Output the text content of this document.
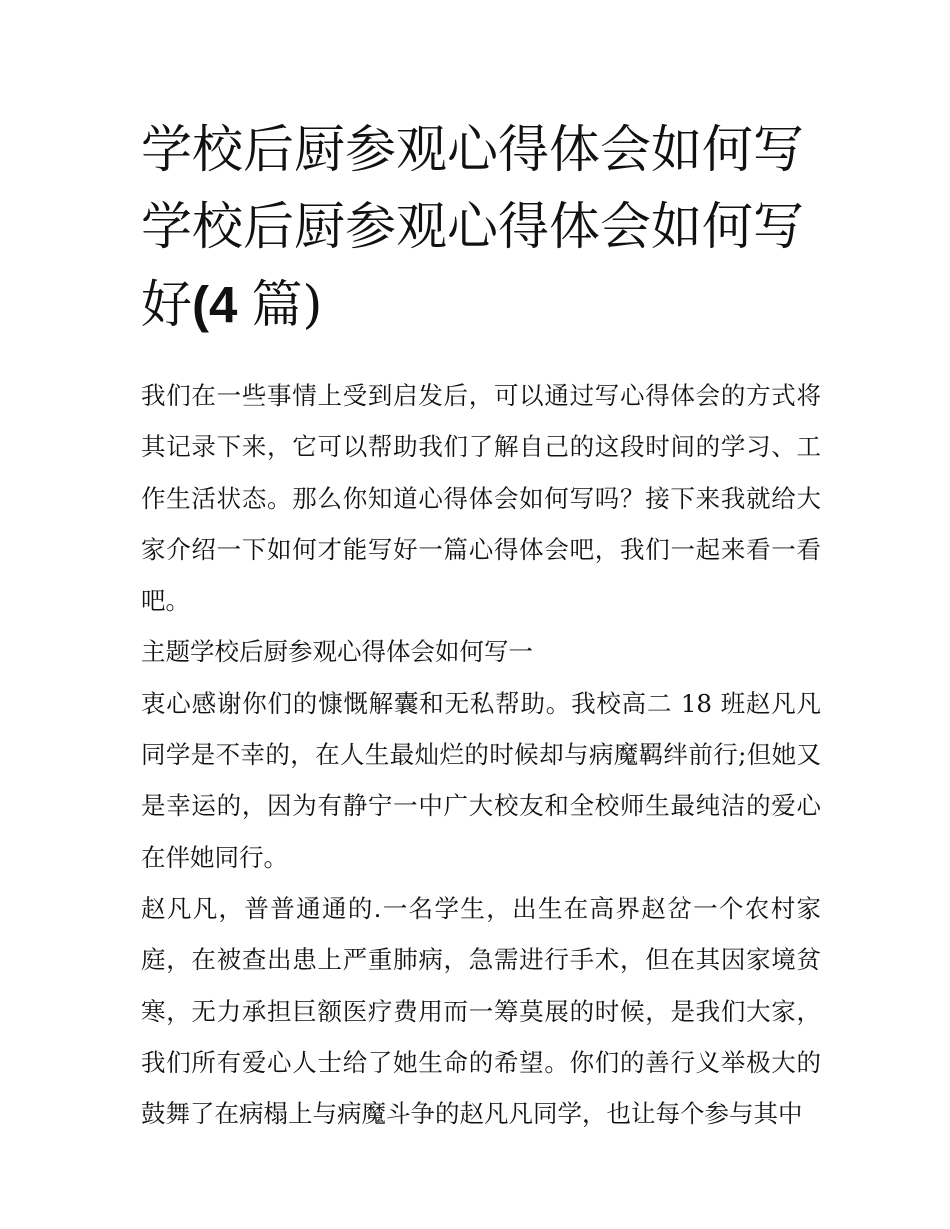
学校后厨参观心得体会如何写
学校后厨参观心得体会如何写
好(4 篇)

我们在一些事情上受到启发后，可以通过写心得体会的方式将其记录下来，它可以帮助我们了解自己的这段时间的学习、工作生活状态。那么你知道心得体会如何写吗？接下来我就给大家介绍一下如何才能写好一篇心得体会吧，我们一起来看一看吧。

主题学校后厨参观心得体会如何写一

衷心感谢你们的慷慨解囊和无私帮助。我校高二 18 班赵凡凡同学是不幸的，在人生最灿烂的时候却与病魔羁绊前行;但她又是幸运的，因为有静宁一中广大校友和全校师生最纯洁的爱心在伴她同行。

赵凡凡，普普通通的.一名学生，出生在高界赵岔一个农村家庭，在被查出患上严重肺病，急需进行手术，但在其因家境贫寒，无力承担巨额医疗费用而一筹莫展的时候，是我们大家，我们所有爱心人士给了她生命的希望。你们的善行义举极大的鼓舞了在病榻上与病魔斗争的赵凡凡同学，也让每个参与其中
